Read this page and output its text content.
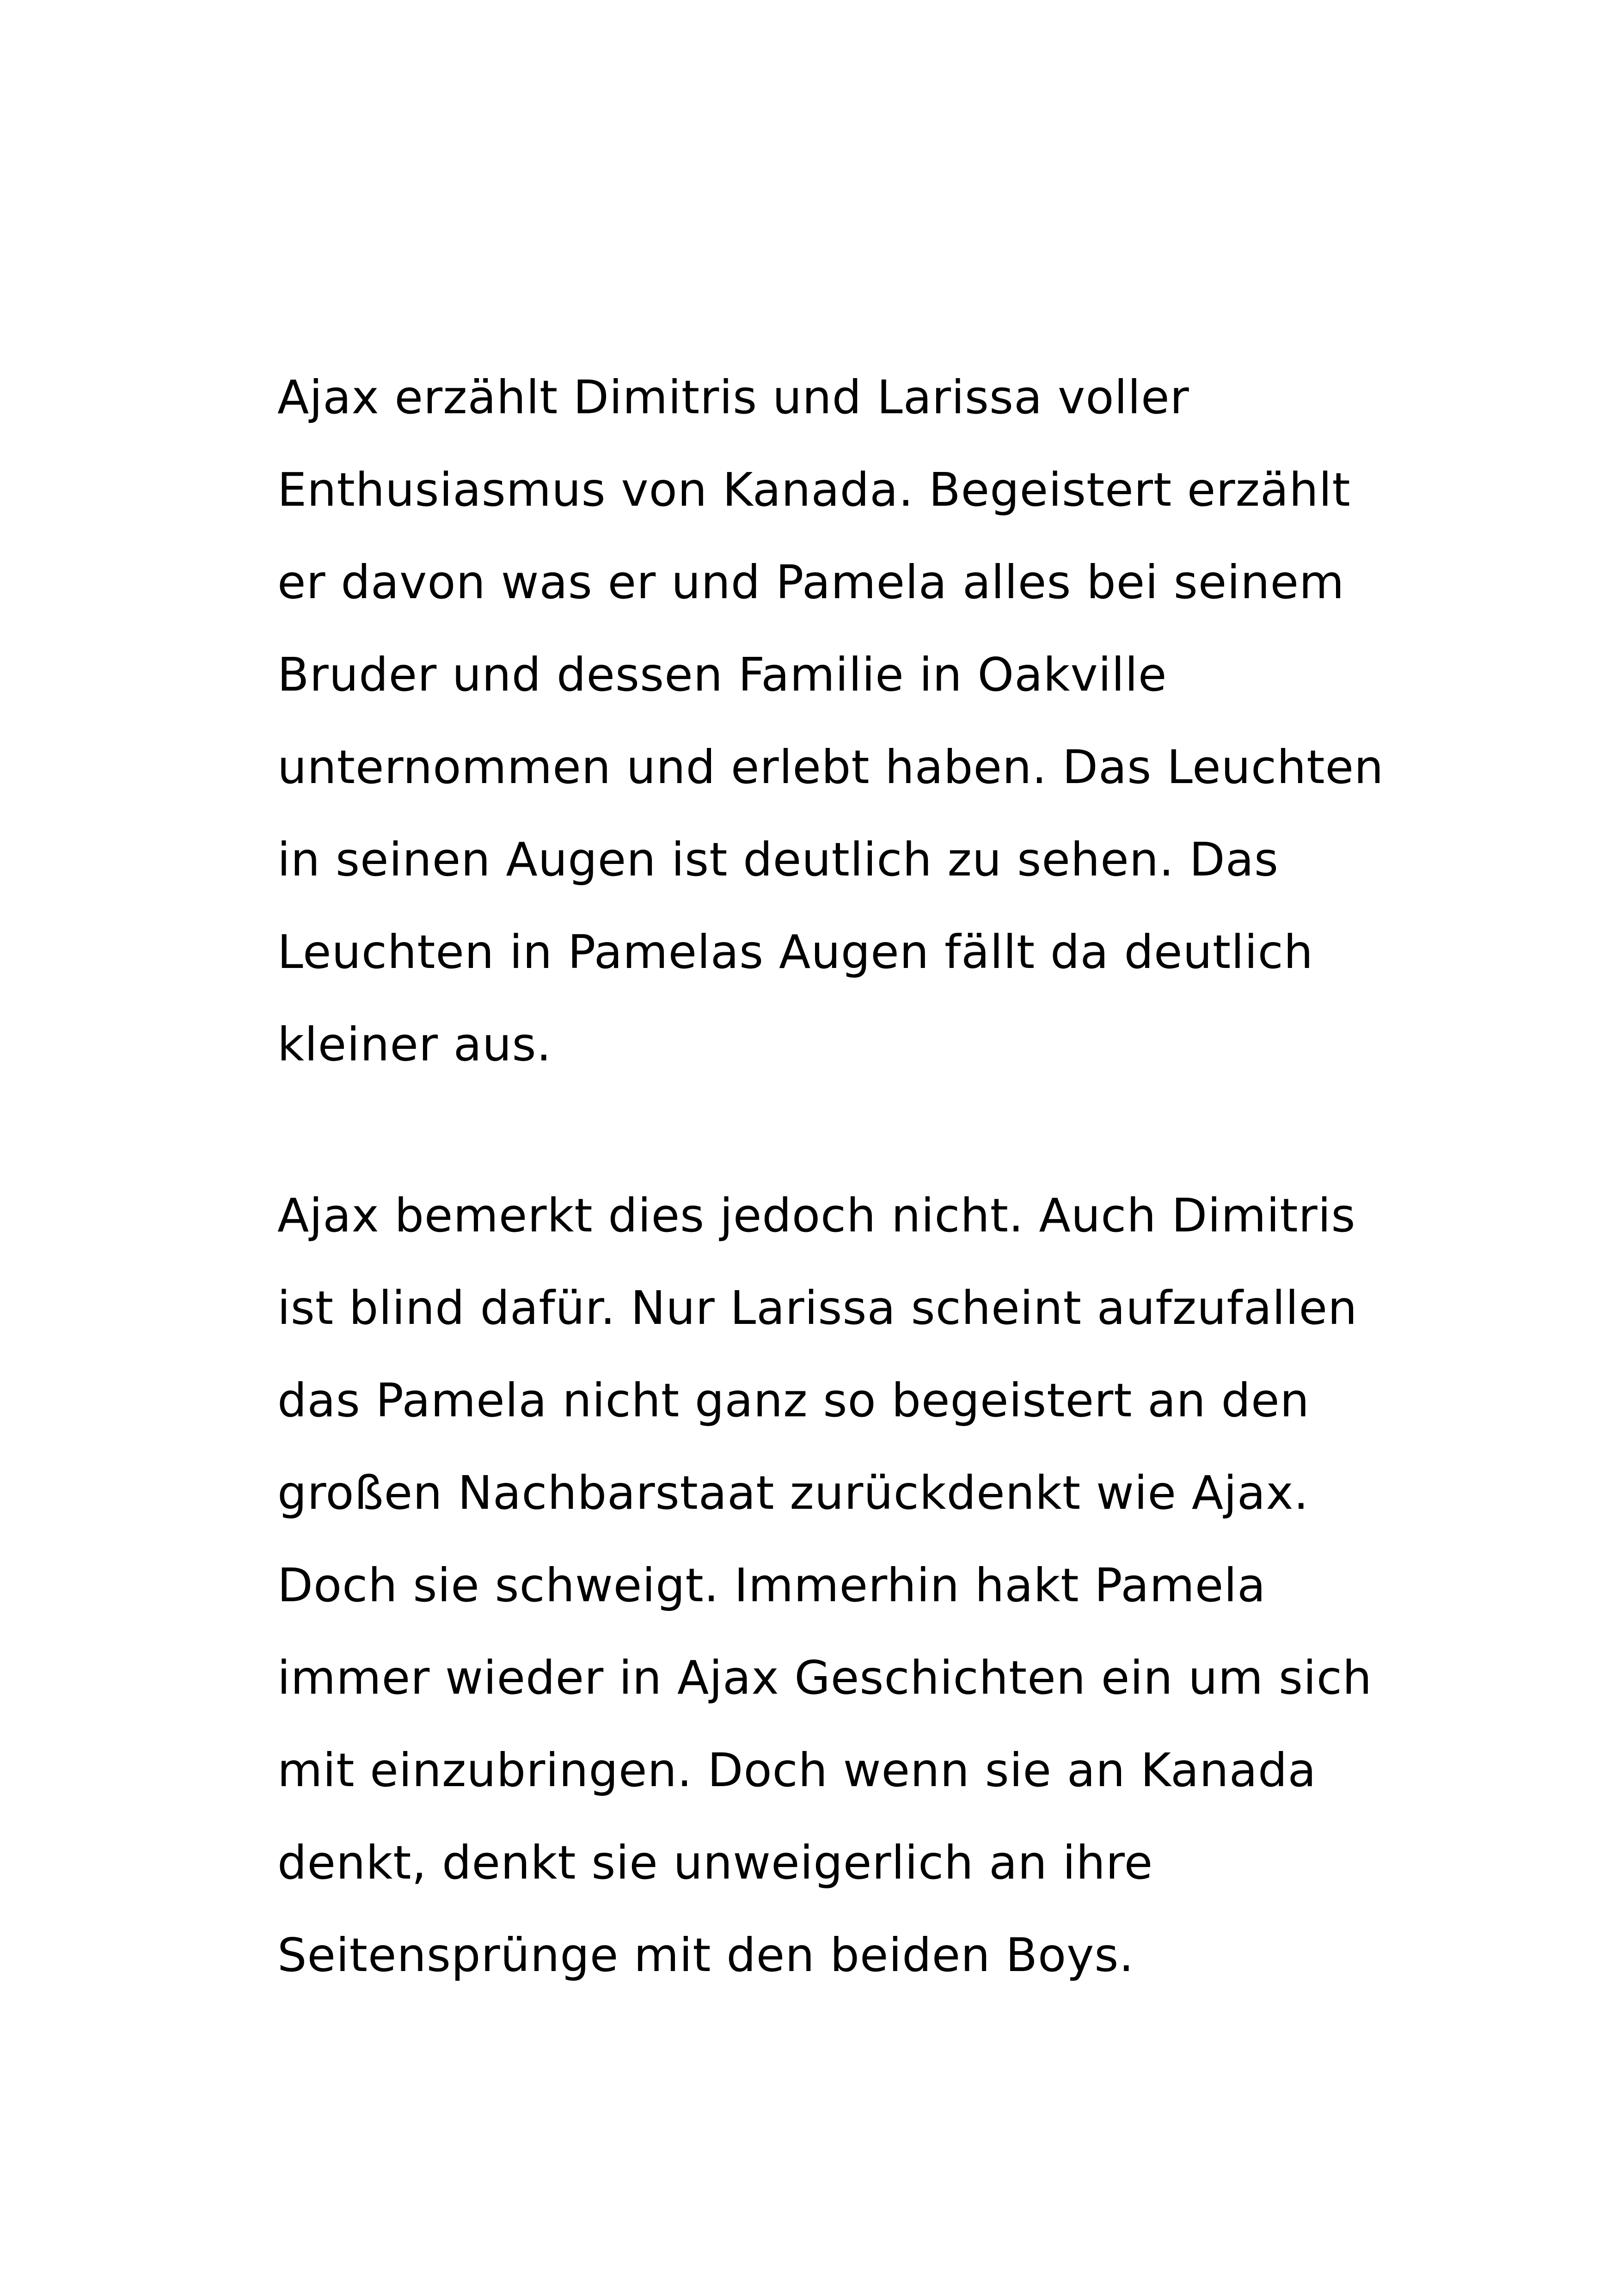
Ajax erzählt Dimitris und Larissa voller
Enthusiasmus von Kanada. Begeistert erzählt
er davon was er und Pamela alles bei seinem
Bruder und dessen Familie in Oakville
unternommen und erlebt haben. Das Leuchten
in seinen Augen ist deutlich zu sehen. Das
Leuchten in Pamelas Augen fällt da deutlich
kleiner aus.
Ajax bemerkt dies jedoch nicht. Auch Dimitris
ist blind dafür. Nur Larissa scheint aufzufallen
das Pamela nicht ganz so begeistert an den
großen Nachbarstaat zurückdenkt wie Ajax.
Doch sie schweigt. Immerhin hakt Pamela
immer wieder in Ajax Geschichten ein um sich
mit einzubringen. Doch wenn sie an Kanada
denkt, denkt sie unweigerlich an ihre
Seitensprünge mit den beiden Boys.
